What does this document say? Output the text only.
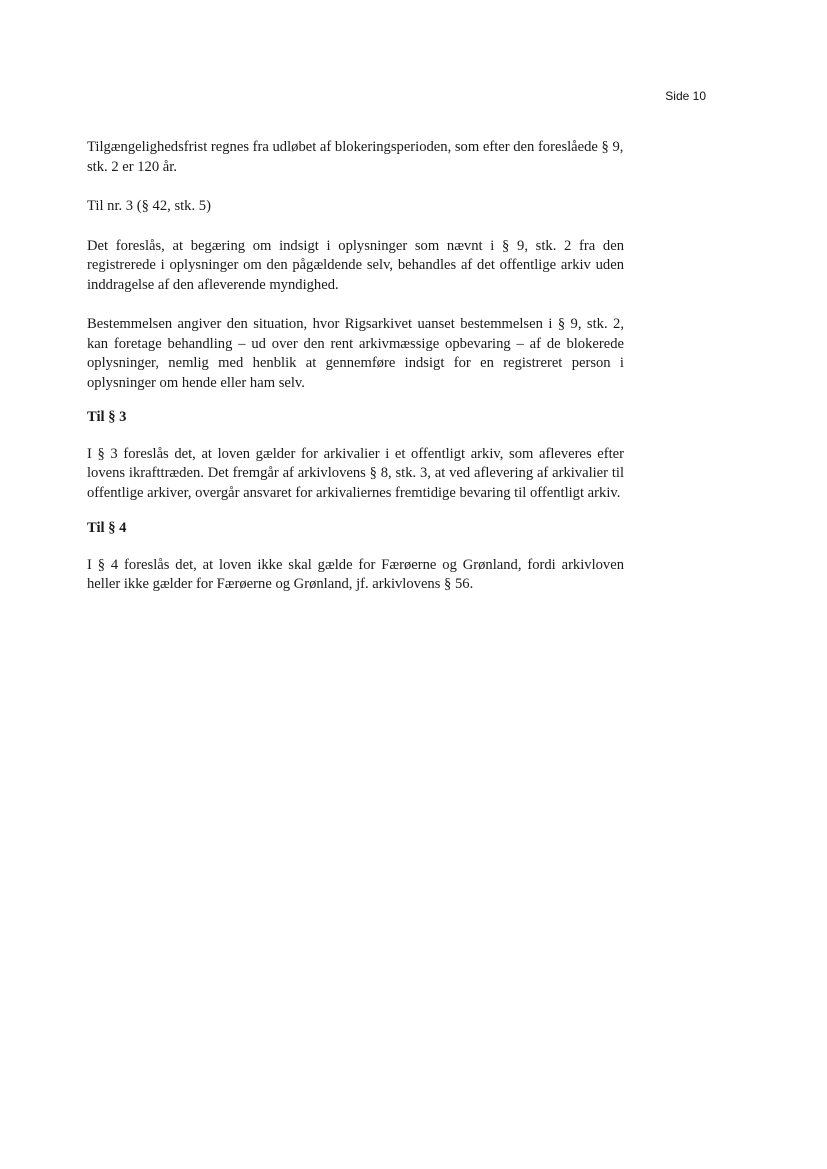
Side 10

Tilgængelighedsfrist regnes fra udløbet af blokeringsperioden, som efter den foreslåede § 9, stk. 2 er 120 år.

Til nr. 3 (§ 42, stk. 5)

Det foreslås, at begæring om indsigt i oplysninger som nævnt i § 9, stk. 2 fra den registrerede i oplysninger om den pågældende selv, behandles af det offentlige arkiv uden inddragelse af den afleverende myndighed.

Bestemmelsen angiver den situation, hvor Rigsarkivet uanset bestemmelsen i § 9, stk. 2, kan foretage behandling – ud over den rent arkivmæssige opbevaring – af de blokerede oplysninger, nemlig med henblik at gennemføre indsigt for en registreret person i oplysninger om hende eller ham selv.

Til § 3

I § 3 foreslås det, at loven gælder for arkivalier i et offentligt arkiv, som afleveres efter lovens ikrafttræden. Det fremgår af arkivlovens § 8, stk. 3, at ved aflevering af arkivalier til offentlige arkiver, overgår ansvaret for arkivaliernes fremtidige bevaring til offentligt arkiv.

Til § 4

I § 4 foreslås det, at loven ikke skal gælde for Færøerne og Grønland, fordi arkivloven heller ikke gælder for Færøerne og Grønland, jf. arkivlovens § 56.
